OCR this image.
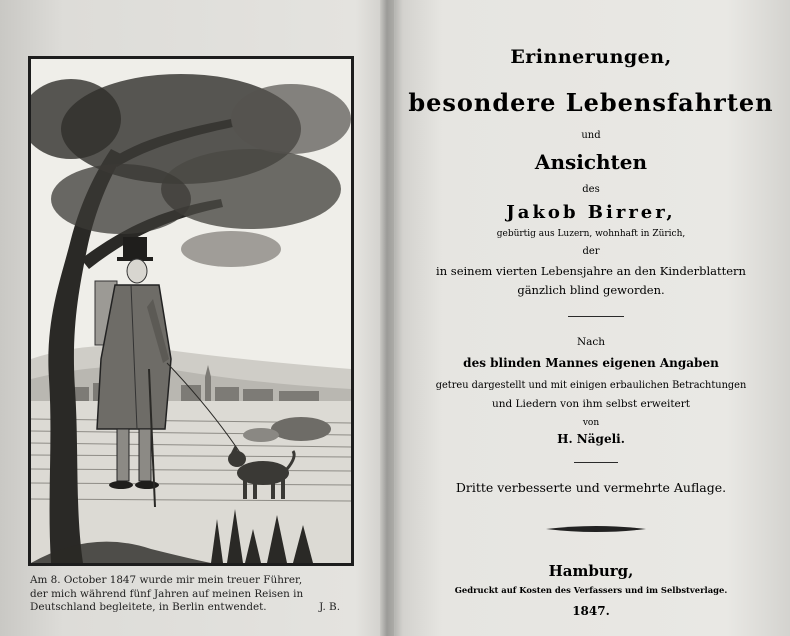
Am 8. October 1847 wurde mir mein treuer Führer,
der mich während fünf Jahren auf meinen Reisen in
Deutschland begleitete, in Berlin entwendet.	J. B.
Erinnerungen,
besondere Lebensfahrten
und
Ansichten
des
Jakob Birrer,
gebürtig aus Luzern, wohnhaft in Zürich,
der
in seinem vierten Lebensjahre an den Kinderblattern
gänzlich blind geworden.
Nach
des blinden Mannes eigenen Angaben
getreu dargestellt und mit einigen erbaulichen Betrachtungen
und Liedern von ihm selbst erweitert
von
H. Nägeli.
Dritte verbesserte und vermehrte Auflage.
Hamburg,
Gedruckt auf Kosten des Verfassers und im Selbstverlage.
1847.
